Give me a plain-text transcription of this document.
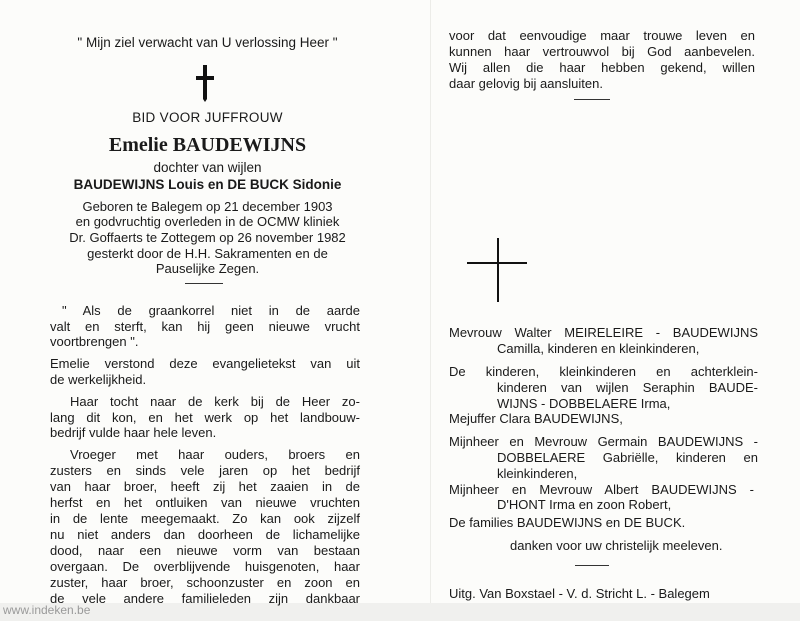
" Mijn ziel verwacht van U verlossing Heer "
BID VOOR JUFFROUW
Emelie BAUDEWIJNS
dochter van wijlen
BAUDEWIJNS Louis en DE BUCK Sidonie
Geboren te Balegem op 21 december 1903
en godvruchtig overleden in de OCMW kliniek
Dr. Goffaerts te Zottegem op 26 november 1982
gesterkt door de H.H. Sakramenten en de
Pauselijke Zegen.
" Als de graankorrel niet in de aarde
valt en sterft, kan hij geen nieuwe vrucht
voortbrengen ".
Emelie verstond deze evangelietekst van uit
de werkelijkheid.
Haar tocht naar de kerk bij de Heer zo-
lang dit kon, en het werk op het landbouw-
bedrijf vulde haar hele leven.
Vroeger met haar ouders, broers en
zusters en sinds vele jaren op het bedrijf
van haar broer, heeft zij het zaaien in de
herfst en het ontluiken van nieuwe vruchten
in de lente meegemaakt. Zo kan ook zijzelf
nu niet anders dan doorheen de lichamelijke
dood, naar een nieuwe vorm van bestaan
overgaan. De overblijvende huisgenoten, haar
zuster, haar broer, schoonzuster en zoon en
de vele andere familieleden zijn dankbaar
voor dat eenvoudige maar trouwe leven en
kunnen haar vertrouwvol bij God aanbevelen.
Wij allen die haar hebben gekend, willen
daar gelovig bij aansluiten.
Mevrouw Walter MEIRELEIRE - BAUDEWIJNS
Camilla, kinderen en kleinkinderen,
De kinderen, kleinkinderen en achterklein-
kinderen van wijlen Seraphin BAUDE-
WIJNS - DOBBELAERE Irma,
Mejuffer Clara BAUDEWIJNS,
Mijnheer en Mevrouw Germain BAUDEWIJNS -
DOBBELAERE Gabriëlle, kinderen en
kleinkinderen,
Mijnheer en Mevrouw Albert BAUDEWIJNS -
D'HONT Irma en zoon Robert,
De families BAUDEWIJNS en DE BUCK.
danken voor uw christelijk meeleven.
Uitg. Van Boxstael - V. d. Stricht L. - Balegem
www.indeken.be
